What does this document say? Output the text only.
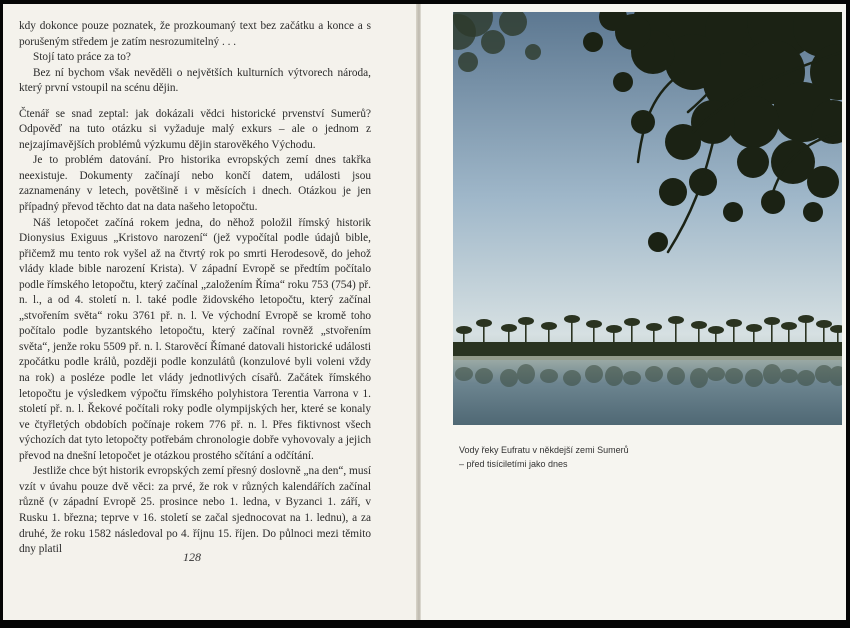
kdy dokonce pouze poznatek, že prozkoumaný text bez začátku a konce a s porušeným středem je zatím nesrozumitelný . . .

Stojí tato práce za to?

Bez ní bychom však nevěděli o největších kulturních výtvorech národa, který první vstoupil na scénu dějin.

Čtenář se snad zeptal: jak dokázali vědci historické prvenství Sumerů? Odpověď na tuto otázku si vyžaduje malý exkurs – ale o jednom z nejzajímavějších problémů výzkumu dějin starověkého Východu.

Je to problém datování. Pro historika evropských zemí dnes takřka neexistuje. Dokumenty začínají nebo končí datem, události jsou zaznamenány v letech, povětšině i v měsících i dnech. Otázkou je jen případný převod těchto dat na data našeho letopočtu.

Náš letopočet začíná rokem jedna, do něhož položil římský historik Dionysius Exiguus „Kristovo narození“ (jež vypočítal podle údajů bible, přičemž mu tento rok vyšel až na čtvrtý rok po smrti Herodesově, do jehož vlády klade bible narození Krista). V západní Evropě se předtím počítalo podle římského letopočtu, který začínal „založením Říma“ roku 753 (754) př. n. l., a od 4. století n. l. také podle židovského letopočtu, který začínal „stvořením světa“ roku 3761 př. n. l. Ve východní Evropě se kromě toho počítalo podle byzantského letopočtu, který začínal rovněž „stvořením světa“, jenže roku 5509 př. n. l. Starověcí Římané datovali historické události zpočátku podle králů, později podle konzulátů (konzulové byli voleni vždy na rok) a posléze podle let vlády jednotlivých císařů. Začátek římského letopočtu je výsledkem výpočtu římského polyhistora Terentia Varrona v 1. století př. n. l. Řekové počítali roky podle olympijských her, které se konaly ve čtyřletých obdobích počínaje rokem 776 př. n. l. Přes fiktivnost všech výchozích dat tyto letopočty potřebám chronologie dobře vyhovovaly a jejich převod na dnešní letopočet je otázkou prostého sčítání a odčítání.

Jestliže chce být historik evropských zemí přesný doslovně „na den“, musí vzít v úvahu pouze dvě věci: za prvé, že rok v různých kalendářích začínal různě (v západní Evropě 25. prosince nebo 1. ledna, v Byzanci 1. září, v Rusku 1. března; teprve v 16. století se začal sjednocovat na 1. lednu), a za druhé, že roku 1582 následoval po 4. říjnu 15. říjen. Do půlnoci mezi těmito dny platil

128
Vody řeky Eufratu v někdejší zemi Sumerů
– před tisíciletími jako dnes
